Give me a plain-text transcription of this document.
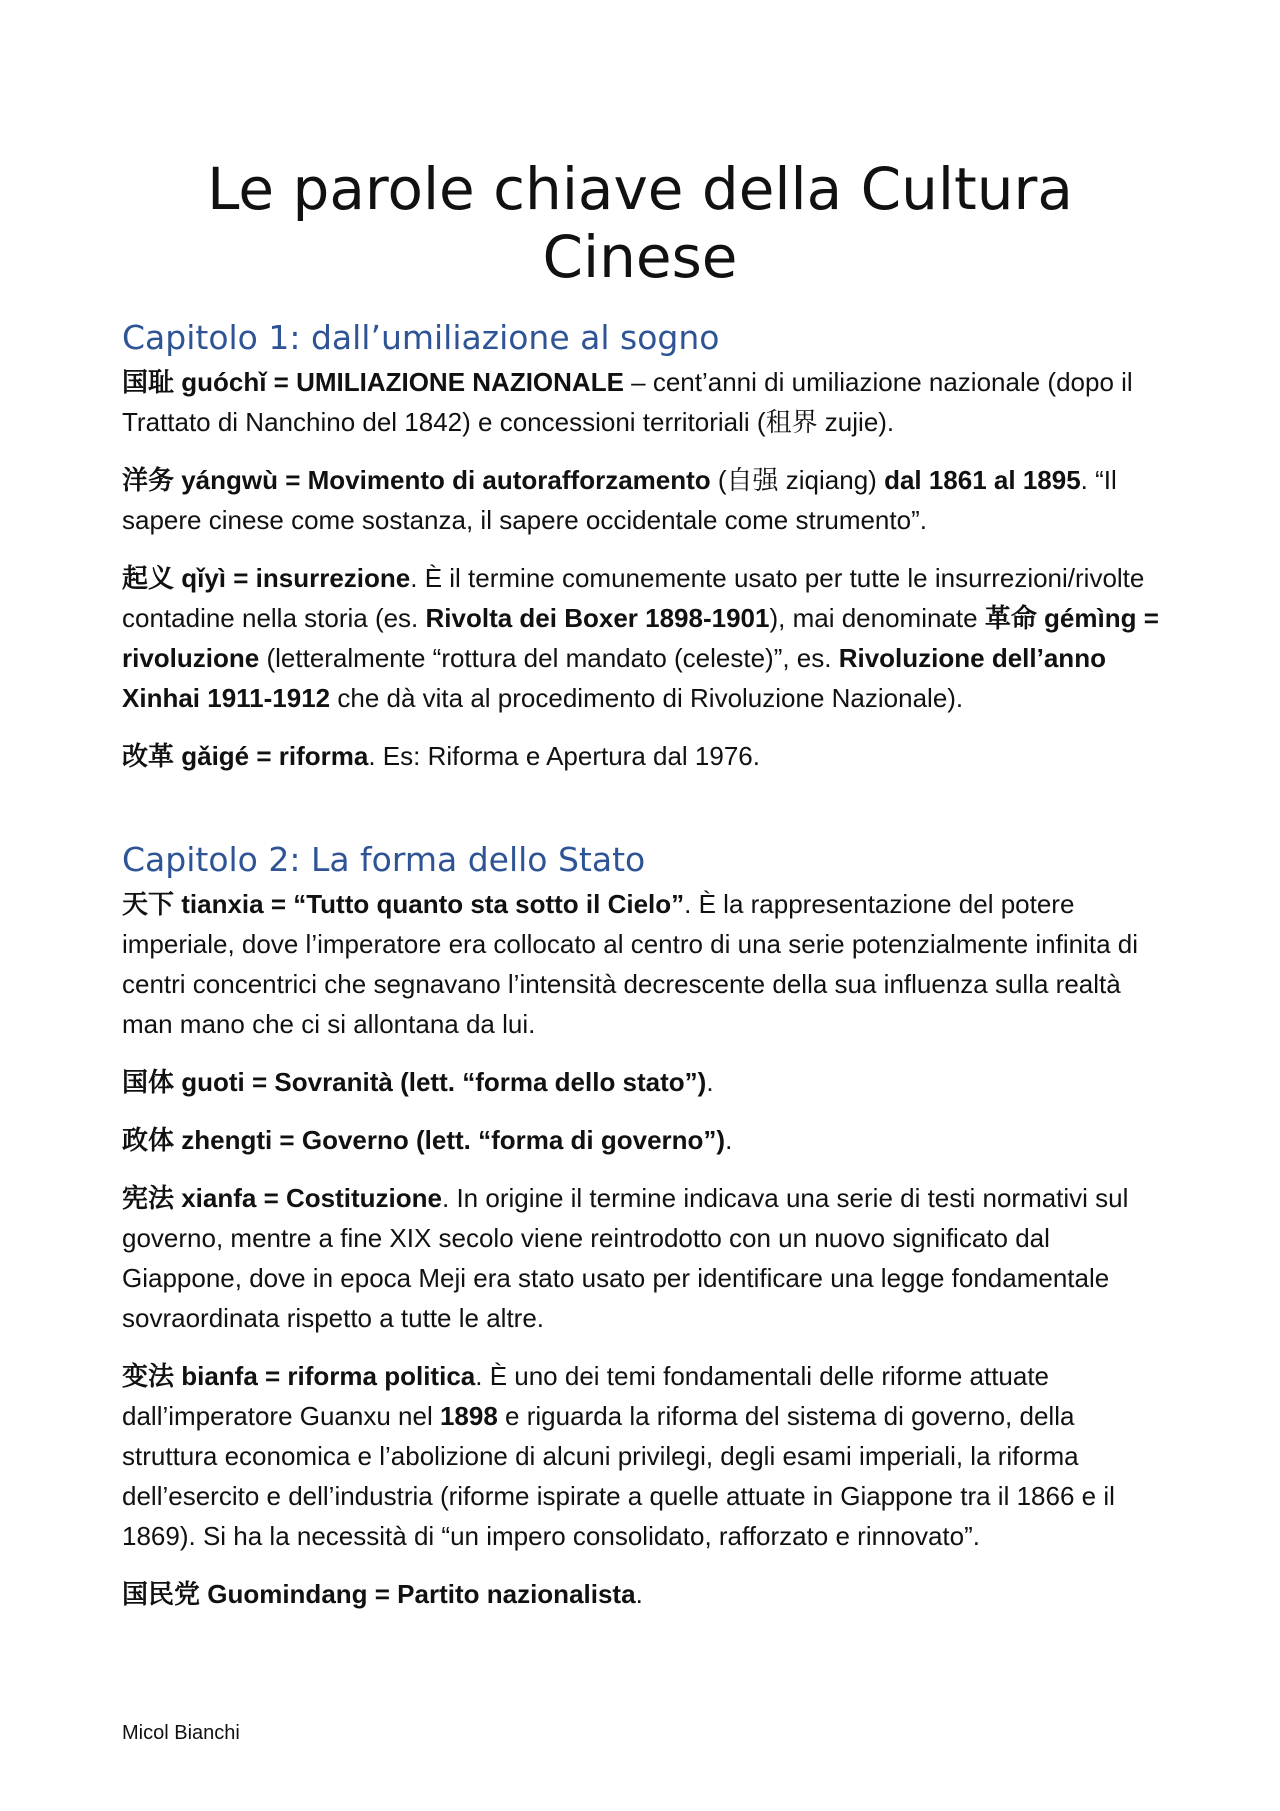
Le parole chiave della Cultura
Cinese
Capitolo 1: dall’umiliazione al sogno

国耻 guóchǐ = UMILIAZIONE NAZIONALE – cent’anni di umiliazione nazionale (dopo il Trattato di Nanchino del 1842) e concessioni territoriali (租界 zujie).

洋务 yángwù = Movimento di autorafforzamento (自强 ziqiang) dal 1861 al 1895. “Il sapere cinese come sostanza, il sapere occidentale come strumento”.

起义 qǐyì = insurrezione. È il termine comunemente usato per tutte le insurrezioni/rivolte contadine nella storia (es. Rivolta dei Boxer 1898-1901), mai denominate 革命 gémìng = rivoluzione (letteralmente “rottura del mandato (celeste)”, es. Rivoluzione dell’anno Xinhai 1911-1912 che dà vita al procedimento di Rivoluzione Nazionale).

改革 gǎigé = riforma. Es: Riforma e Apertura dal 1976.

Capitolo 2: La forma dello Stato

天下 tianxia = “Tutto quanto sta sotto il Cielo”. È la rappresentazione del potere imperiale, dove l’imperatore era collocato al centro di una serie potenzialmente infinita di centri concentrici che segnavano l’intensità decrescente della sua influenza sulla realtà man mano che ci si allontana da lui.

国体 guoti = Sovranità (lett. “forma dello stato”).

政体 zhengti = Governo (lett. “forma di governo”).

宪法 xianfa = Costituzione. In origine il termine indicava una serie di testi normativi sul governo, mentre a fine XIX secolo viene reintrodotto con un nuovo significato dal Giappone, dove in epoca Meji era stato usato per identificare una legge fondamentale sovraordinata rispetto a tutte le altre.

变法 bianfa = riforma politica. È uno dei temi fondamentali delle riforme attuate dall’imperatore Guanxu nel 1898 e riguarda la riforma del sistema di governo, della struttura economica e l’abolizione di alcuni privilegi, degli esami imperiali, la riforma dell’esercito e dell’industria (riforme ispirate a quelle attuate in Giappone tra il 1866 e il 1869). Si ha la necessità di “un impero consolidato, rafforzato e rinnovato”.

国民党 Guomindang = Partito nazionalista.

Micol Bianchi
